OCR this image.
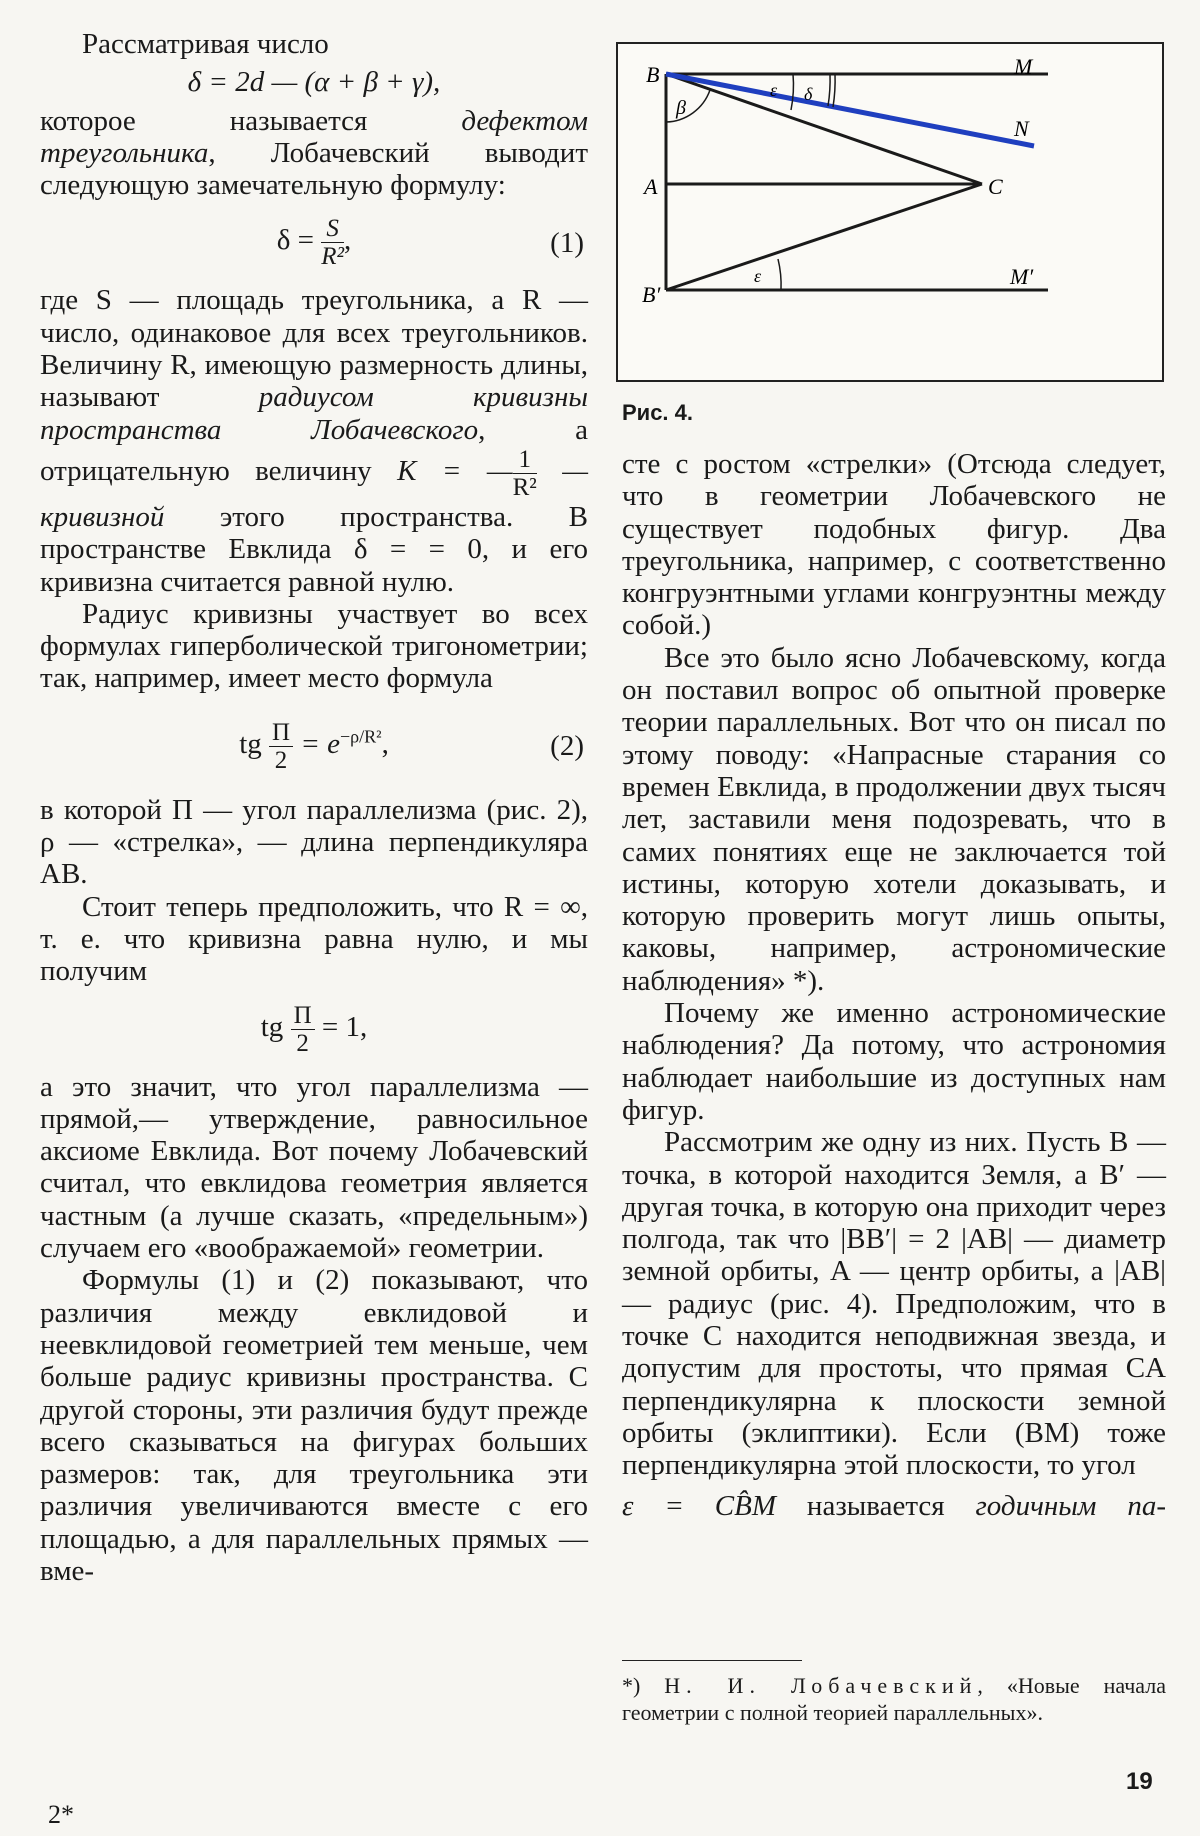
Рассматривая число

δ = 2d — (α + β + γ),

которое называется дефектом треугольника, Лобачевский выводит следующую замечательную формулу:

$\delta = \frac{S}{\text{R²}}$ ,	(1)

где S — площадь треугольника, а R — число, одинаковое для всех треугольников. Величину R, имеющую размерность длины, называют радиусом кривизны пространства Лобачевского, а отрицательную величину K = — $\frac{1}{\text{R²}}$ — кривизной этого пространства. В пространстве Евклида δ = = 0, и его кривизна считается равной нулю.

Радиус кривизны участвует во всех формулах гиперболической тригонометрии; так, например, имеет место формула

tg $\frac{П}{2} = e^{-\rho/R^2}$,	(2)

в которой П — угол параллелизма (рис. 2), ρ — «стрелка», — длина перпендикуляра AB.

Стоит теперь предположить, что R = ∞, т. е. что кривизна равна нулю, и мы получим

tg $\frac{П}{2} = 1$,

а это значит, что угол параллелизма — прямой,— утверждение, равносильное аксиоме Евклида. Вот почему Лобачевский считал, что евклидова геометрия является частным (а лучше сказать, «предельным») случаем его «воображаемой» геометрии.

Формулы (1) и (2) показывают, что различия между евклидовой и неевклидовой геометрией тем меньше, чем больше радиус кривизны пространства. С другой стороны, эти различия будут прежде всего сказываться на фигурах больших размеров: так, для треугольника эти различия увеличиваются вместе с его площадью, а для параллельных прямых — вме-

B
A
B′
C
M
N
M′
β
ε δ
ε
Рис. 4.

сте с ростом «стрелки» (Отсюда следует, что в геометрии Лобачевского не существует подобных фигур. Два треугольника, например, с соответственно конгруэнтными углами конгруэнтны между собой.)

Все это было ясно Лобачевскому, когда он поставил вопрос об опытной проверке теории параллельных. Вот что он писал по этому поводу: «Напрасные старания со времен Евклида, в продолжении двух тысяч лет, заставили меня подозревать, что в самих понятиях еще не заключается той истины, которую хотели доказывать, и которую проверить могут лишь опыты, каковы, например, астрономические наблюдения» *).

Почему же именно астрономические наблюдения? Да потому, что астрономия наблюдает наибольшие из доступных нам фигур.

Рассмотрим же одну из них. Пусть B — точка, в которой находится Земля, а B′ — другая точка, в которую она приходит через полгода, так что |BB′| = 2 |AB| — диаметр земной орбиты, A — центр орбиты, а |AB| — радиус (рис. 4). Предположим, что в точке C находится неподвижная звезда, и допустим для простоты, что прямая CA перпендикулярна к плоскости земной орбиты (эклиптики). Если (BM) тоже перпендикулярна этой плоскости, то угол

ε = CB̂M называется годичным па-

*) Н. И. Лобачевский, «Новые начала геометрии с полной теорией параллельных».
19
2*
